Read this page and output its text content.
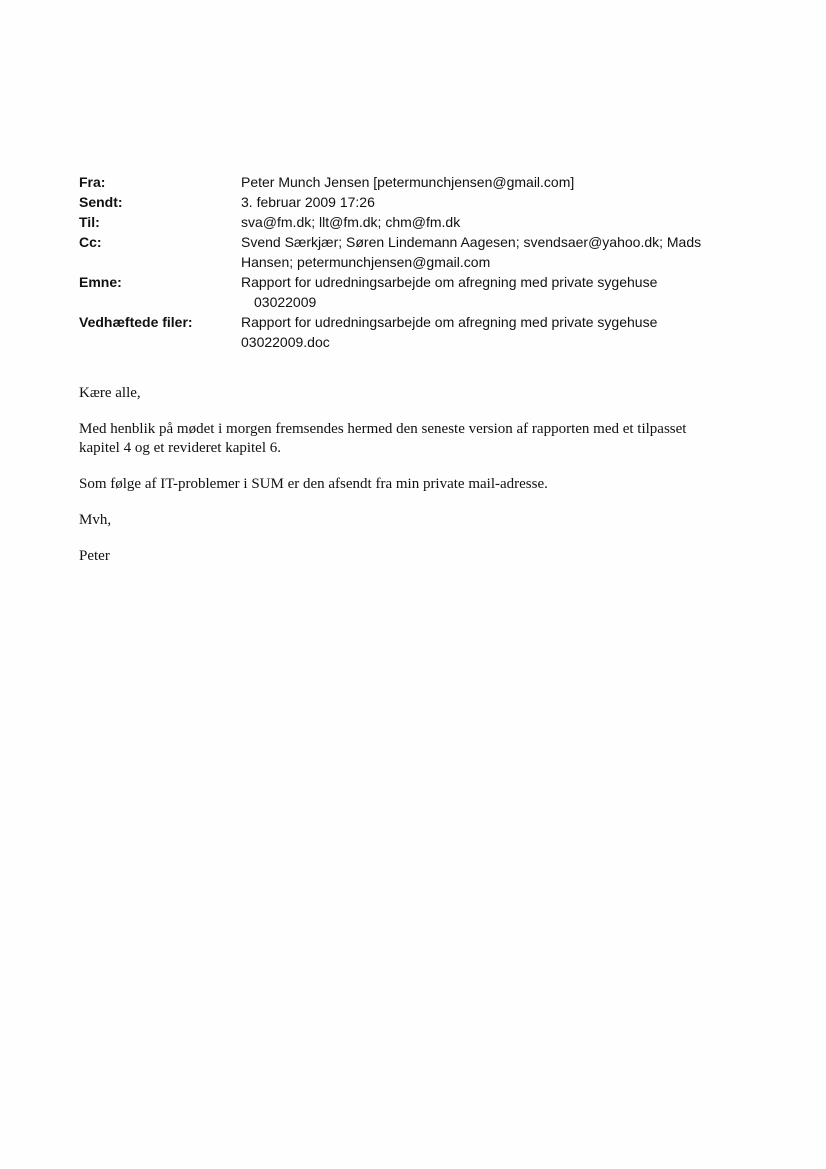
Fra:	Peter Munch Jensen [petermunchjensen@gmail.com]
Sendt:	3. februar 2009 17:26
Til:	sva@fm.dk; llt@fm.dk; chm@fm.dk
Cc:	Svend Særkjær; Søren Lindemann Aagesen; svendsaer@yahoo.dk; Mads
Hansen; petermunchjensen@gmail.com
Emne:	Rapport for udredningsarbejde om afregning med private sygehuse
03022009
Vedhæftede filer:	Rapport for udredningsarbejde om afregning med private sygehuse
03022009.doc

Kære alle,

Med henblik på mødet i morgen fremsendes hermed den seneste version af rapporten med et tilpasset
kapitel 4 og et revideret kapitel 6.

Som følge af IT-problemer i SUM er den afsendt fra min private mail-adresse.

Mvh,

Peter
